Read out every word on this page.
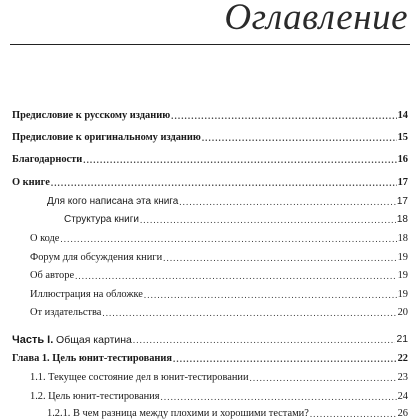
Оглавление
Предисловие к русскому изданию .....	14
Предисловие к оригинальному изданию .....	15
Благодарности .....	16
О книге .....	17
Для кого написана эта книга .....	17
Структура книги .....	18
О коде .....	18
Форум для обсуждения книги .....	19
Об авторе .....	19
Иллюстрация на обложке .....	19
От издательства .....	20
Часть I. Общая картина .....	21
Глава 1. Цель юнит-тестирования .....	22
1.1. Текущее состояние дел в юнит-тестировании .....	23
1.2. Цель юнит-тестирования .....	24
1.2.1. В чем разница между плохими и хорошими тестами? .....	26
